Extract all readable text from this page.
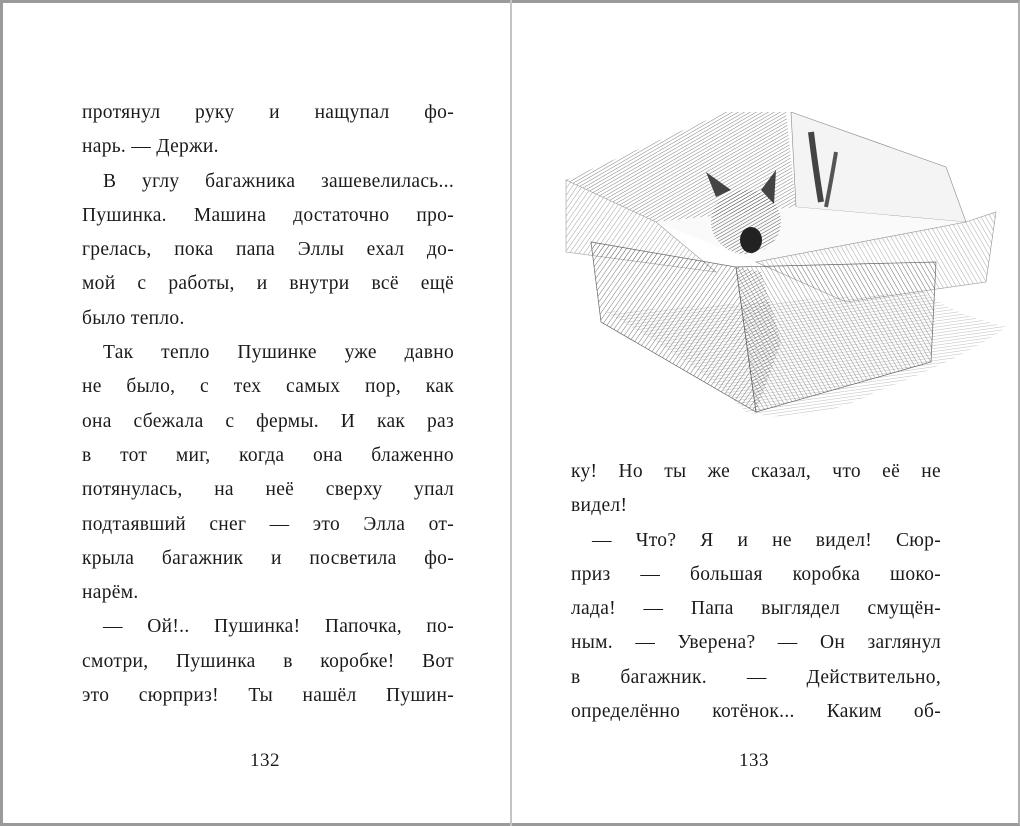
протянул руку и нащупал фо-
нарь. — Держи.
В углу багажника зашевелилась...
Пушинка. Машина достаточно про-
грелась, пока папа Эллы ехал до-
мой с работы, и внутри всё ещё
было тепло.
Так тепло Пушинке уже давно
не было, с тех самых пор, как
она сбежала с фермы. И как раз
в тот миг, когда она блаженно
потянулась, на неё сверху упал
подтаявший снег — это Элла от-
крыла багажник и посветила фо-
нарём.
— Ой!.. Пушинка! Папочка, по-
смотри, Пушинка в коробке! Вот
это сюрприз! Ты нашёл Пушин-
132
ку! Но ты же сказал, что её не
видел!
— Что? Я и не видел! Сюр-
приз — большая коробка шоко-
лада! — Папа выглядел смущён-
ным. — Уверена? — Он заглянул
в багажник. — Действительно,
определённо котёнок... Каким об-
133
